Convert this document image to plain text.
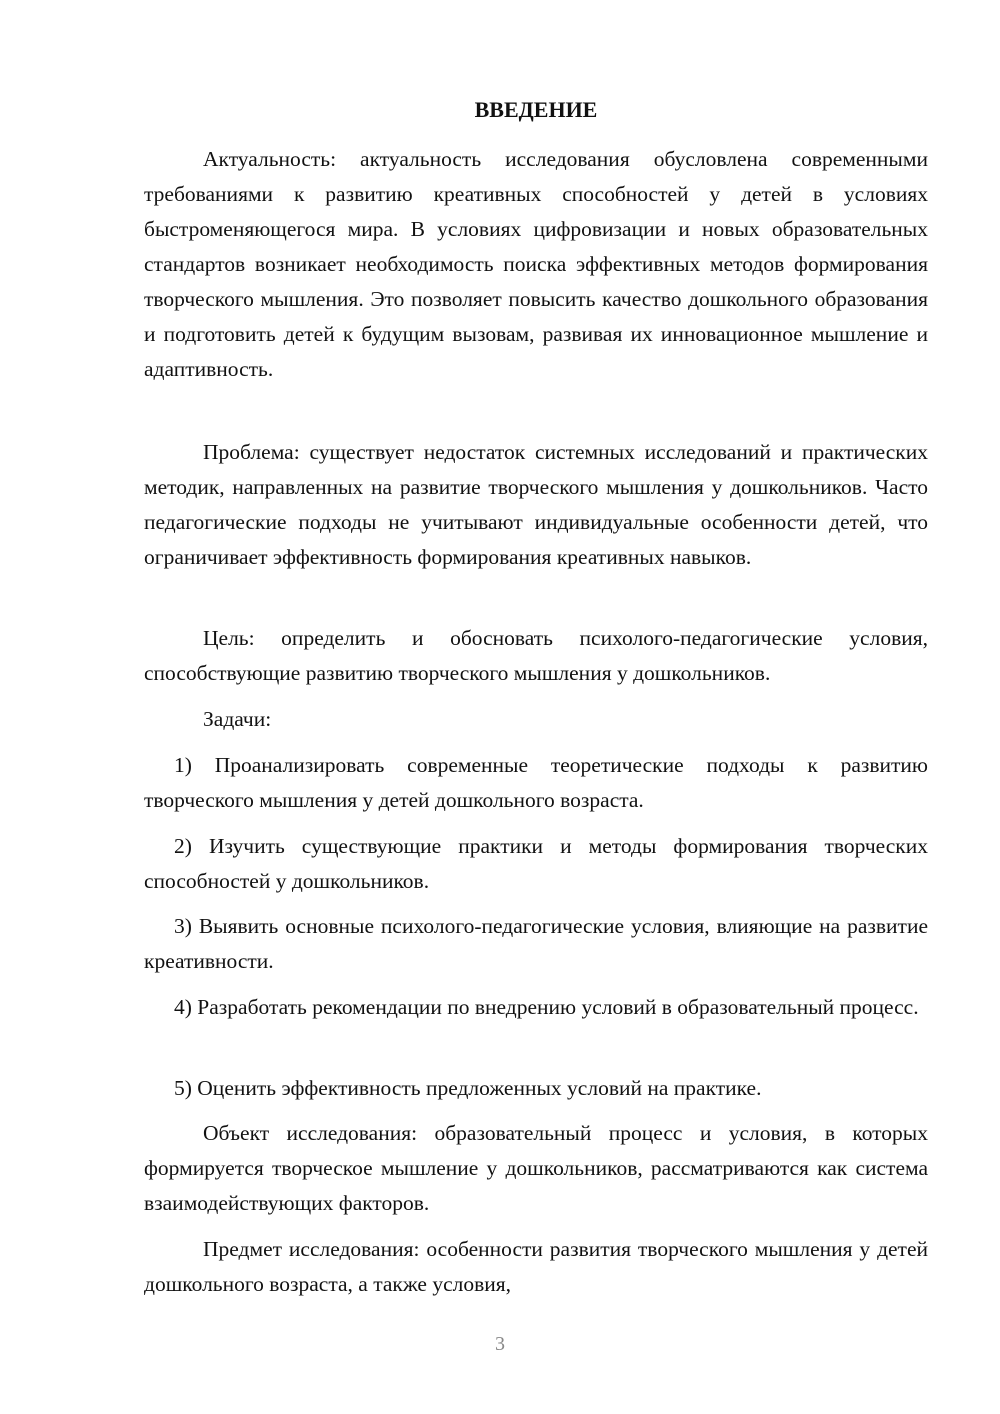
ВВЕДЕНИЕ

Актуальность: актуальность исследования обусловлена современными требованиями к развитию креативных способностей у детей в условиях быстроменяющегося мира. В условиях цифровизации и новых образовательных стандартов возникает необходимость поиска эффективных методов формирования творческого мышления. Это позволяет повысить качество дошкольного образования и подготовить детей к будущим вызовам, развивая их инновационное мышление и адаптивность.

Проблема: существует недостаток системных исследований и практических методик, направленных на развитие творческого мышления у дошкольников. Часто педагогические подходы не учитывают индивидуальные особенности детей, что ограничивает эффективность формирования креативных навыков.

Цель: определить и обосновать психолого-педагогические условия, способствующие развитию творческого мышления у дошкольников.

Задачи:

1) Проанализировать современные теоретические подходы к развитию творческого мышления у детей дошкольного возраста.

2) Изучить существующие практики и методы формирования творческих способностей у дошкольников.

3) Выявить основные психолого-педагогические условия, влияющие на развитие креативности.

4) Разработать рекомендации по внедрению условий в образовательный процесс.

5) Оценить эффективность предложенных условий на практике.

Объект исследования: образовательный процесс и условия, в которых формируется творческое мышление у дошкольников, рассматриваются как система взаимодействующих факторов.

Предмет исследования: особенности развития творческого мышления у детей дошкольного возраста, а также условия,

3
